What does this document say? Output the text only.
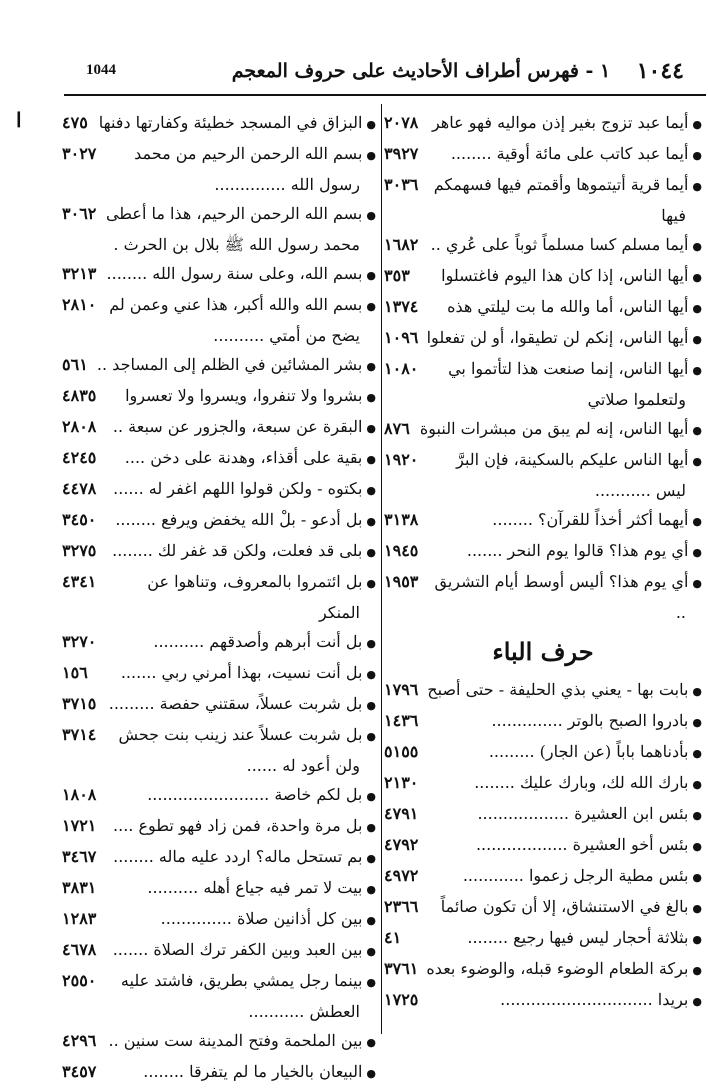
1044	١ - فهرس أطراف الأحاديث على حروف المعجم	١٠٤٤
ا	●أيما عبد تزوج بغير إذن مواليه فهو عاهر
٢٠٧٨
●أيما عبد كاتب على مائة أوقية ........
٣٩٢٧
●أيما قرية أتيتموها وأقمتم فيها فسهمكم فيها
٣٠٣٦
●أيما مسلم كسا مسلماً ثوباً على عُري ..
١٦٨٢
●أيها الناس، إذا كان هذا اليوم فاغتسلوا
٣٥٣
●أيها الناس، أما والله ما بت ليلتي هذه
١٣٧٤
●أيها الناس، إنكم لن تطيقوا، أو لن تفعلوا
١٠٩٦
●أيها الناس، إنما صنعت هذا لتأتموا بي ولتعلموا صلاتي
١٠٨٠
●أيها الناس، إنه لم يبق من مبشرات النبوة
٨٧٦
●أيها الناس عليكم بالسكينة، فإن البرَّ ليس ...........
١٩٢٠
●أيهما أكثر أخذاً للقرآن؟ ........
٣١٣٨
●أي يوم هذا؟ قالوا يوم النحر .......
١٩٤٥
●أي يوم هذا؟ أليس أوسط أيام التشريق ..
١٩٥٣
حرف الباء
●بابت بها - يعني بذي الحليفة - حتى أصبح
١٧٩٦
●بادروا الصبح بالوتر ..............
١٤٣٦
●بأدناهما باباً (عن الجار) .........
٥١٥٥
●بارك الله لك، وبارك عليك ........
٢١٣٠
●بئس ابن العشيرة ..................
٤٧٩١
●بئس أخو العشيرة ..................
٤٧٩٢
●بئس مطية الرجل زعموا ............
٤٩٧٢
●بالغ في الاستنشاق، إلا أن تكون صائماً
٢٣٦٦
●بثلاثة أحجار ليس فيها رجيع ........
٤١
●بركة الطعام الوضوء قبله، والوضوء بعده
٣٧٦١
●بريدا ..............................
١٧٢٥
●البزاق في المسجد خطيئة وكفارتها دفنها
٤٧٥
●بسم الله الرحمن الرحيم من محمد رسول الله ..............
٣٠٢٧
●بسم الله الرحمن الرحيم، هذا ما أعطى محمد رسول الله ﷺ بلال بن الحرث .
٣٠٦٢
●بسم الله، وعلى سنة رسول الله ........
٣٢١٣
●بسم الله والله أكبر، هذا عني وعمن لم يضح من أمتي ..........
٢٨١٠
●بشر المشائين في الظلم إلى المساجد ..
٥٦١
●بشروا ولا تنفروا، ويسروا ولا تعسروا
٤٨٣٥
●البقرة عن سبعة، والجزور عن سبعة ..
٢٨٠٨
●بقية على أقذاء، وهدنة على دخن ....
٤٢٤٥
●بكتوه - ولكن قولوا اللهم اغفر له ......
٤٤٧٨
●بل أدعو - بلْ الله يخفض ويرفع ........
٣٤٥٠
●بلى قد فعلت، ولكن قد غفر لك ........
٣٢٧٥
●بل ائتمروا بالمعروف، وتناهوا عن المنكر
٤٣٤١
●بل أنت أبرهم وأصدقهم ..........
٣٢٧٠
●بل أنت نسيت، بهذا أمرني ربي .......
١٥٦
●بل شربت عسلاً، سقتني حفصة .........
٣٧١٥
●بل شربت عسلاً عند زينب بنت جحش ولن أعود له ......
٣٧١٤
●بل لكم خاصة ........................
١٨٠٨
●بل مرة واحدة، فمن زاد فهو تطوع ....
١٧٢١
●بم تستحل ماله؟ اردد عليه ماله ........
٣٤٦٧
●بيت لا تمر فيه جياع أهله ..........
٣٨٣١
●بين كل أذانين صلاة ..............
١٢٨٣
●بين العبد وبين الكفر ترك الصلاة .......
٤٦٧٨
●بينما رجل يمشي بطريق، فاشتد عليه العطش ...........
٢٥٥٠
●بين الملحمة وفتح المدينة ست سنين ..
٤٢٩٦
●البيعان بالخيار ما لم يتفرقا ........
٣٤٥٧
